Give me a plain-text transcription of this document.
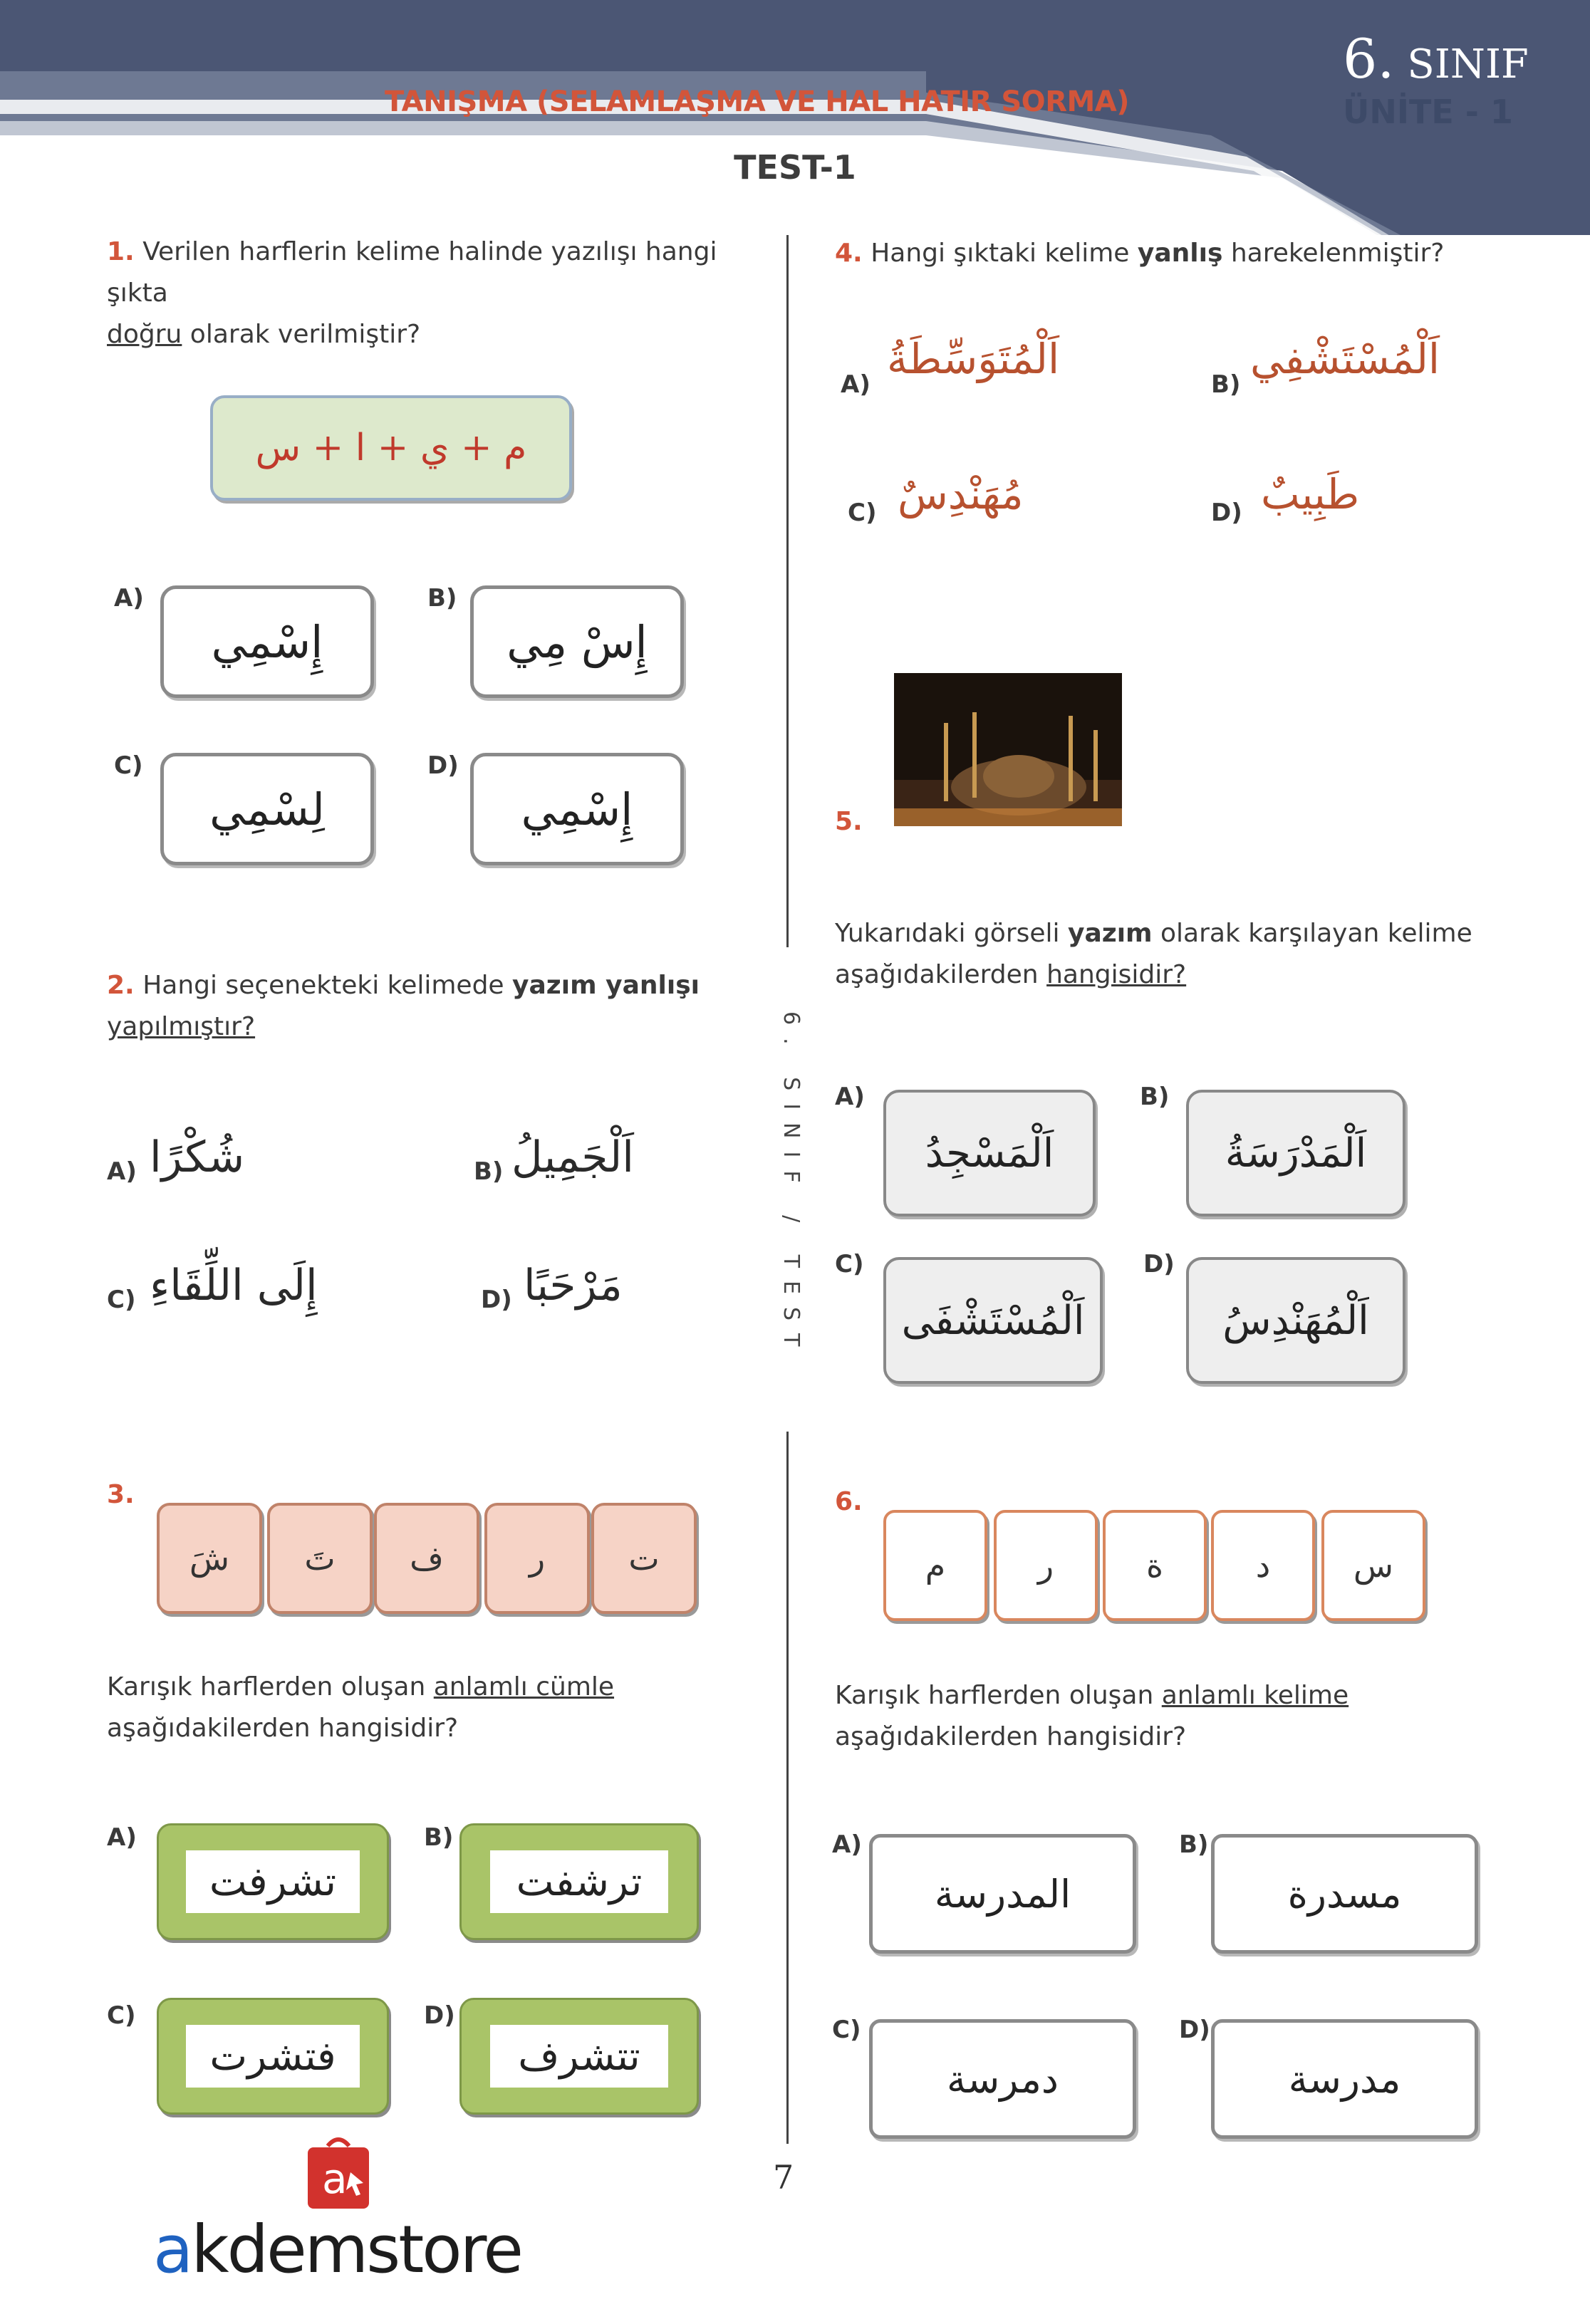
TANIŞMA (SELAMLAŞMA VE HAL HATIR SORMA)
6. SINIF
ÜNİTE - 1
TEST-1
6. SINIF / TEST
1. Verilen harflerin kelime halinde yazılışı hangi şıkta
doğru olarak verilmiştir?
م + ي + ا + س
A)
إِسْمِي
B)
إِسْ مِي
C)
لِسْمِي
D)
إِسْمِي
2. Hangi seçenekteki kelimede yazım yanlışı
yapılmıştır?
A) شُكْرًا	B) اَلْجَمِيلُ
C) إِلَى اللِّقَاءِ	D) مَرْحَبًا
3.
شَ تَ ف	ر	ت
Karışık harflerden oluşan anlamlı cümle
aşağıdakilerden hangisidir?
A)
تشرفت
B)
ترشفت
C)
فتشرت
D)
تتشرف
4. Hangi şıktaki kelime yanlış harekelenmiştir?
A)
اَلْمُتَوَسِّطَةُ
B)
اَلْمُسْتَشْفِي
C) مُهَنْدِسٌ	D) طَبِيبٌ
5.
Yukarıdaki görseli yazım olarak karşılayan kelime
aşağıdakilerden hangisidir?
A)
اَلْمَسْجِدُ
B)
اَلْمَدْرَسَةُ
C)
اَلْمُسْتَشْفَى
D)
اَلْمُهَنْدِسُ
6.
م	ر	ة	د	س
Karışık harflerden oluşan anlamlı kelime
aşağıdakilerden hangisidir?
A)
المدرسة
B)
مسدرة
C)
دمرسة
D)
مدرسة
7
a
akdemstore
